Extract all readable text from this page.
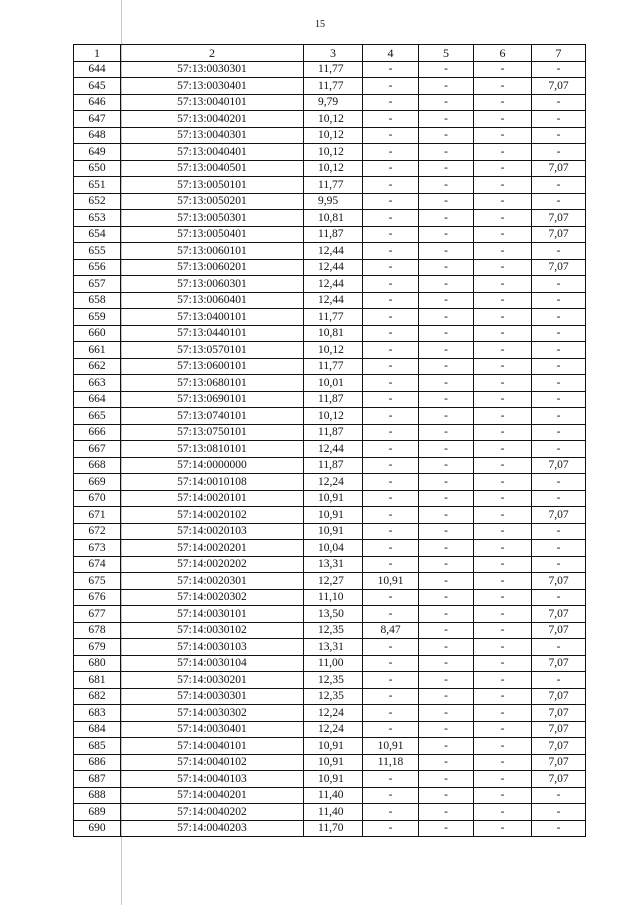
15
1	2	3	4	5	6	7
644	57:13:0030301	11,77	-	-	-	-
645	57:13:0030401	11,77	-	-	-	7,07
646	57:13:0040101	9,79	-	-	-	-
647	57:13:0040201	10,12	-	-	-	-
648	57:13:0040301	10,12	-	-	-	-
649	57:13:0040401	10,12	-	-	-	-
650	57:13:0040501	10,12	-	-	-	7,07
651	57:13:0050101	11,77	-	-	-	-
652	57:13:0050201	9,95	-	-	-	-
653	57:13:0050301	10,81	-	-	-	7,07
654	57:13:0050401	11,87	-	-	-	7,07
655	57:13:0060101	12,44	-	-	-	-
656	57:13:0060201	12,44	-	-	-	7,07
657	57:13:0060301	12,44	-	-	-	-
658	57:13:0060401	12,44	-	-	-	-
659	57:13:0400101	11,77	-	-	-	-
660	57:13:0440101	10,81	-	-	-	-
661	57:13:0570101	10,12	-	-	-	-
662	57:13:0600101	11,77	-	-	-	-
663	57:13:0680101	10,01	-	-	-	-
664	57:13:0690101	11,87	-	-	-	-
665	57:13:0740101	10,12	-	-	-	-
666	57:13:0750101	11,87	-	-	-	-
667	57:13:0810101	12,44	-	-	-	-
668	57:14:0000000	11,87	-	-	-	7,07
669	57:14:0010108	12,24	-	-	-	-
670	57:14:0020101	10,91	-	-	-	-
671	57:14:0020102	10,91	-	-	-	7,07
672	57:14:0020103	10,91	-	-	-	-
673	57:14:0020201	10,04	-	-	-	-
674	57:14:0020202	13,31	-	-	-	-
675	57:14:0020301	12,27	10,91	-	-	7,07
676	57:14:0020302	11,10	-	-	-	-
677	57:14:0030101	13,50	-	-	-	7,07
678	57:14:0030102	12,35	8,47	-	-	7,07
679	57:14:0030103	13,31	-	-	-	-
680	57:14:0030104	11,00	-	-	-	7,07
681	57:14:0030201	12,35	-	-	-	-
682	57:14:0030301	12,35	-	-	-	7,07
683	57:14:0030302	12,24	-	-	-	7,07
684	57:14:0030401	12,24	-	-	-	7,07
685	57:14:0040101	10,91	10,91	-	-	7,07
686	57:14:0040102	10,91	11,18	-	-	7,07
687	57:14:0040103	10,91	-	-	-	7,07
688	57:14:0040201	11,40	-	-	-	-
689	57:14:0040202	11,40	-	-	-	-
690	57:14:0040203	11,70	-	-	-	-
